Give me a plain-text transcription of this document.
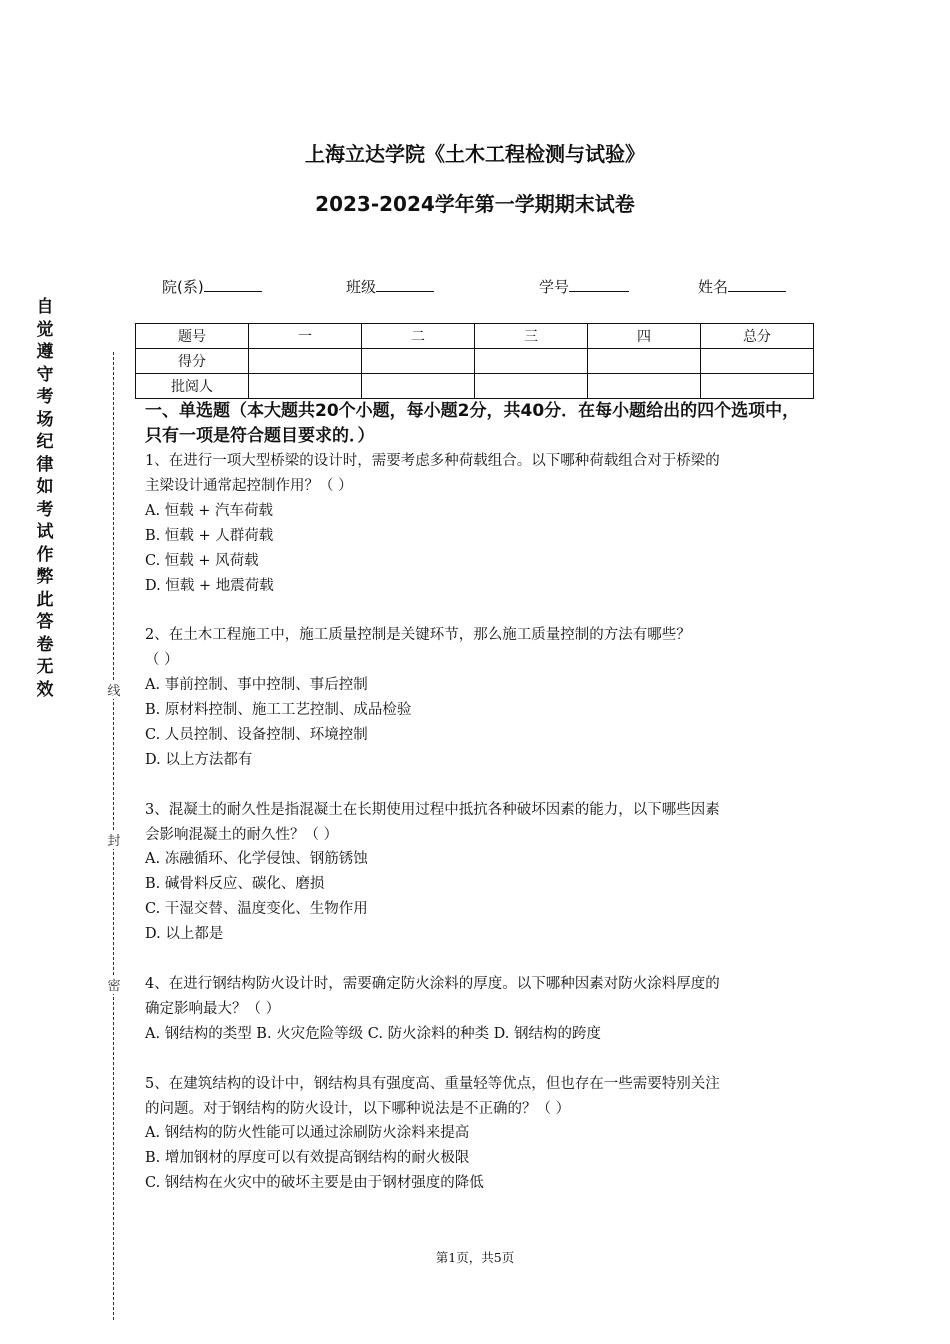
上海立达学院《土木工程检测与试验》
2023-2024学年第一学期期末试卷
院(系)	班级	学号	姓名
题号	一	二	三	四	总分
得分					
批阅人					
自觉遵守考场纪律如考试作弊此答卷无效	线
封
密

一、单选题（本大题共20个小题，每小题2分，共40分．在每小题给出的四个选项中，只有一项是符合题目要求的．）

1、在进行一项大型桥梁的设计时，需要考虑多种荷载组合。以下哪种荷载组合对于桥梁的

主梁设计通常起控制作用？（ ）

A. 恒载 + 汽车荷载

B. 恒载 + 人群荷载

C. 恒载 + 风荷载

D. 恒载 + 地震荷载

2、在土木工程施工中，施工质量控制是关键环节，那么施工质量控制的方法有哪些？

（ ）

A. 事前控制、事中控制、事后控制

B. 原材料控制、施工工艺控制、成品检验

C. 人员控制、设备控制、环境控制

D. 以上方法都有

3、混凝土的耐久性是指混凝土在长期使用过程中抵抗各种破坏因素的能力，以下哪些因素

会影响混凝土的耐久性？（ ）

A. 冻融循环、化学侵蚀、钢筋锈蚀

B. 碱骨料反应、碳化、磨损

C. 干湿交替、温度变化、生物作用

D. 以上都是

4、在进行钢结构防火设计时，需要确定防火涂料的厚度。以下哪种因素对防火涂料厚度的

确定影响最大？（ ）

A. 钢结构的类型 B. 火灾危险等级 C. 防火涂料的种类 D. 钢结构的跨度

5、在建筑结构的设计中，钢结构具有强度高、重量轻等优点，但也存在一些需要特别关注

的问题。对于钢结构的防火设计，以下哪种说法是不正确的？（ ）

A. 钢结构的防火性能可以通过涂刷防火涂料来提高

B. 增加钢材的厚度可以有效提高钢结构的耐火极限

C. 钢结构在火灾中的破坏主要是由于钢材强度的降低

第1页，共5页
